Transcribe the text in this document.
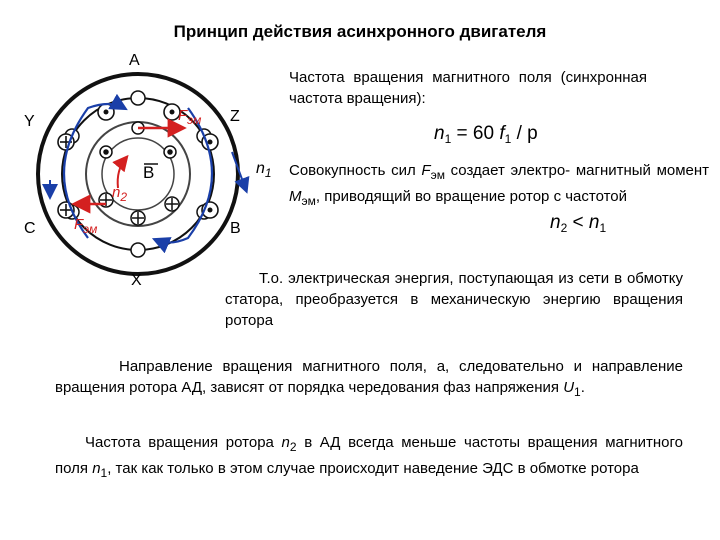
Принцип действия асинхронного двигателя
A
X
Y	Z
C	B
B	$n_1$
$n_2$
$F_{эм}$
$F_{эм}$
Частота вращения магнитного поля (синхронная частота вращения):
$n_1 = 60$ $f_1$ / p
Совокупность сил $F_{эм}$ создает электро- магнитный момент $M_{эм}$, приводящий во вращение ротор с частотой
$n_2 < n_1$
Т.о. электрическая энергия, поступающая из сети в обмотку статора, преобразуется в механическую энергию вращения ротора
Направление вращения магнитного поля, а, следовательно и направление вращения ротора АД, зависят от порядка чередования фаз напряжения $U_1$.
Частота вращения ротора $n_2$ в АД всегда меньше частоты вращения магнитного поля $n_1$, так как только в этом случае происходит наведение ЭДС в обмотке ротора
